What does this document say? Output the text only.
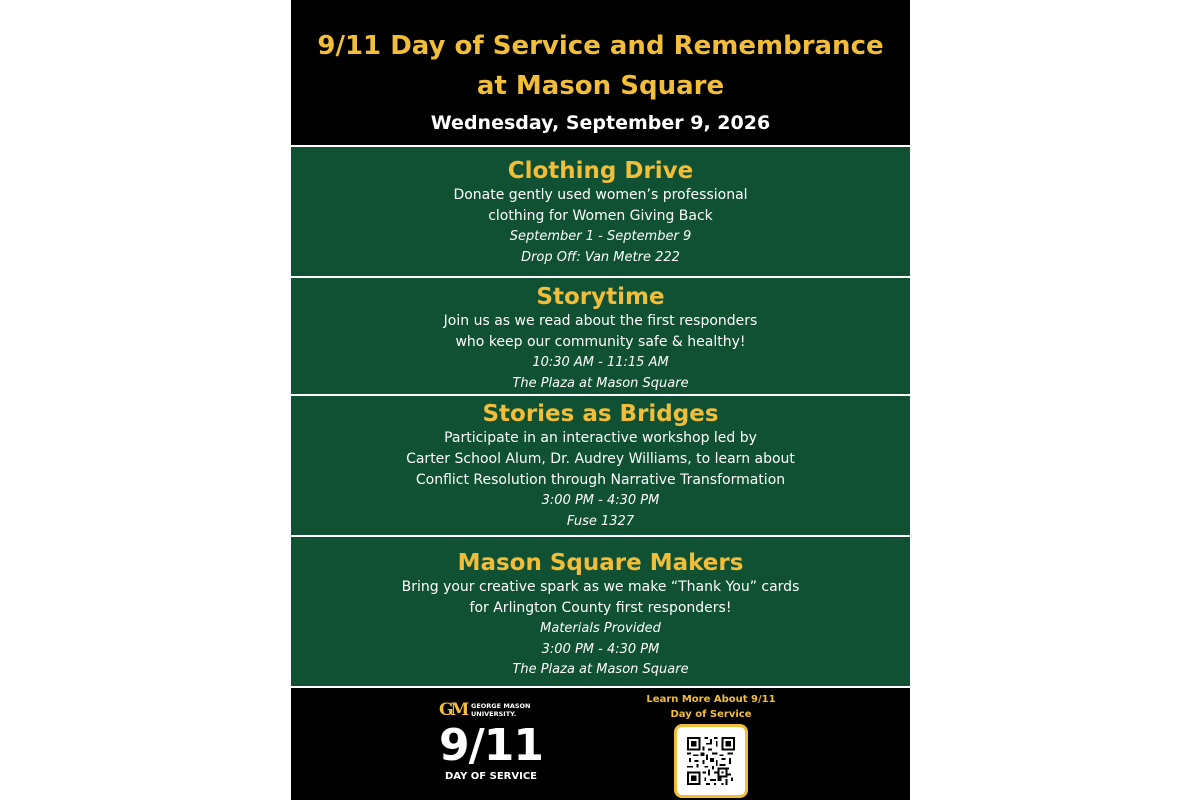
9/11 Day of Service and Remembrance
at Mason Square
Wednesday, September 9, 2026
Clothing Drive
Donate gently used women’s professional
clothing for Women Giving Back
September 1 - September 9
Drop Off: Van Metre 222
Storytime
Join us as we read about the first responders
who keep our community safe & healthy!
10:30 AM - 11:15 AM
The Plaza at Mason Square
Stories as Bridges
Participate in an interactive workshop led by
Carter School Alum, Dr. Audrey Williams, to learn about
Conflict Resolution through Narrative Transformation
3:00 PM - 4:30 PM
Fuse 1327
Mason Square Makers
Bring your creative spark as we make “Thank You” cards
for Arlington County first responders!
Materials Provided
3:00 PM - 4:30 PM
The Plaza at Mason Square
GM GEORGE MASON
UNIVERSITY.
9/11
DAY OF SERVICE
Learn More About 9/11
Day of Service
